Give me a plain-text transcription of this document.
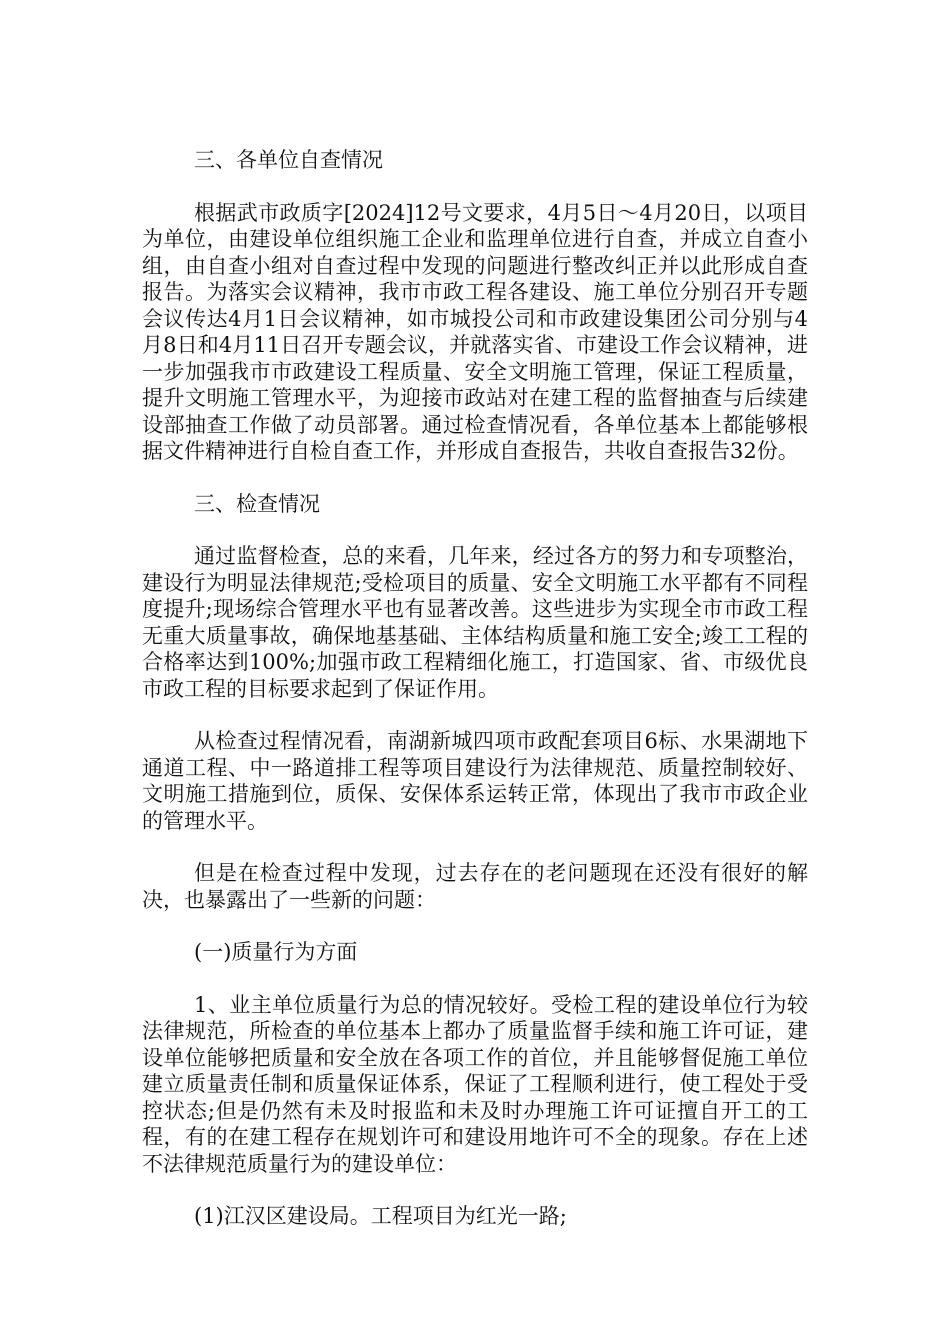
三、各单位自查情况

根据武市政质字[2024]12号文要求，4月5日～4月20日，以项目为单位，由建设单位组织施工企业和监理单位进行自查，并成立自查小组，由自查小组对自查过程中发现的问题进行整改纠正并以此形成自查报告。为落实会议精神，我市市政工程各建设、施工单位分别召开专题会议传达4月1日会议精神，如市城投公司和市政建设集团公司分别与4月8日和4月11日召开专题会议，并就落实省、市建设工作会议精神，进一步加强我市市政建设工程质量、安全文明施工管理，保证工程质量，提升文明施工管理水平，为迎接市政站对在建工程的监督抽查与后续建设部抽查工作做了动员部署。通过检查情况看，各单位基本上都能够根据文件精神进行自检自查工作，并形成自查报告，共收自查报告32份。

三、检查情况

通过监督检查，总的来看，几年来，经过各方的努力和专项整治，建设行为明显法律规范;受检项目的质量、安全文明施工水平都有不同程度提升;现场综合管理水平也有显著改善。这些进步为实现全市市政工程无重大质量事故，确保地基基础、主体结构质量和施工安全;竣工工程的合格率达到100%;加强市政工程精细化施工，打造国家、省、市级优良市政工程的目标要求起到了保证作用。

从检查过程情况看，南湖新城四项市政配套项目6标、水果湖地下通道工程、中一路道排工程等项目建设行为法律规范、质量控制较好、文明施工措施到位，质保、安保体系运转正常，体现出了我市市政企业的管理水平。

但是在检查过程中发现，过去存在的老问题现在还没有很好的解决，也暴露出了一些新的问题：

(一)质量行为方面

1、业主单位质量行为总的情况较好。受检工程的建设单位行为较法律规范，所检查的单位基本上都办了质量监督手续和施工许可证，建设单位能够把质量和安全放在各项工作的首位，并且能够督促施工单位建立质量责任制和质量保证体系，保证了工程顺利进行，使工程处于受控状态;但是仍然有未及时报监和未及时办理施工许可证擅自开工的工程，有的在建工程存在规划许可和建设用地许可不全的现象。存在上述不法律规范质量行为的建设单位：

(1)江汉区建设局。工程项目为红光一路;
